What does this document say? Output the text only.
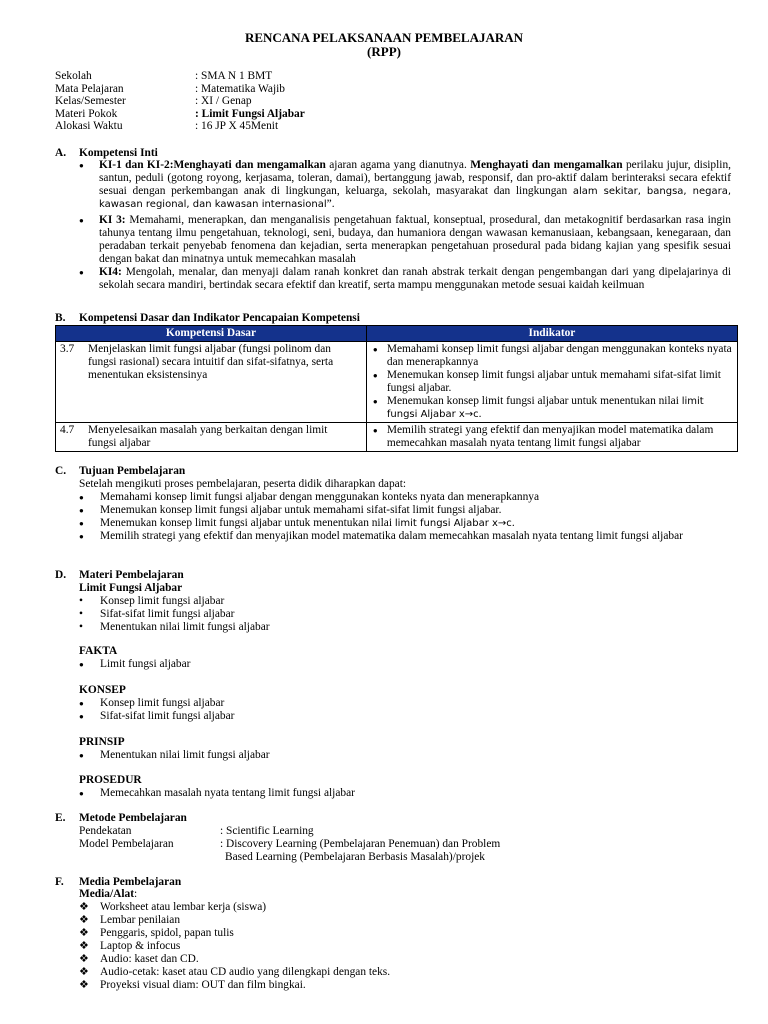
RENCANA PELAKSANAAN PEMBELAJARAN
(RPP)
Sekolah	: SMA N 1 BMT
Mata Pelajaran	: Matematika Wajib
Kelas/Semester	: XI / Genap
Materi Pokok	: Limit Fungsi Aljabar
Alokasi Waktu	: 16 JP X 45Menit
A. Kompetensi Inti
● KI-1 dan KI-2:Menghayati dan mengamalkan ajaran agama yang dianutnya. Menghayati dan mengamalkan perilaku jujur, disiplin, santun, peduli (gotong royong, kerjasama, toleran, damai), bertanggung jawab, responsif, dan pro-aktif dalam berinteraksi secara efektif sesuai dengan perkembangan anak di lingkungan, keluarga, sekolah, masyarakat dan lingkungan alam sekitar, bangsa, negara, kawasan regional, dan kawasan internasional”.
● KI 3: Memahami, menerapkan, dan menganalisis pengetahuan faktual, konseptual, prosedural, dan metakognitif berdasarkan rasa ingin tahunya tentang ilmu pengetahuan, teknologi, seni, budaya, dan humaniora dengan wawasan kemanusiaan, kebangsaan, kenegaraan, dan peradaban terkait penyebab fenomena dan kejadian, serta menerapkan pengetahuan prosedural pada bidang kajian yang spesifik sesuai dengan bakat dan minatnya untuk memecahkan masalah
● KI4: Mengolah, menalar, dan menyaji dalam ranah konkret dan ranah abstrak terkait dengan pengembangan dari yang dipelajarinya di sekolah secara mandiri, bertindak secara efektif dan kreatif, serta mampu menggunakan metode sesuai kaidah keilmuan
B. Kompetensi Dasar dan Indikator Pencapaian Kompetensi
Kompetensi Dasar	Indikator
3.7 Menjelaskan limit fungsi aljabar (fungsi polinom dan fungsi rasional) secara intuitif dan sifat-sifatnya, serta menentukan eksistensinya	● Memahami konsep limit fungsi aljabar dengan menggunakan konteks nyata dan menerapkannya
● Menemukan konsep limit fungsi aljabar untuk memahami sifat-sifat limit fungsi aljabar.
● Menemukan konsep limit fungsi aljabar untuk menentukan nilai limit fungsi Aljabar x→c.

4.7 Menyelesaikan masalah yang berkaitan dengan limit fungsi aljabar	● Memilih strategi yang efektif dan menyajikan model matematika dalam memecahkan masalah nyata tentang limit fungsi aljabar
C. Tujuan Pembelajaran
Setelah mengikuti proses pembelajaran, peserta didik diharapkan dapat:
● Memahami konsep limit fungsi aljabar dengan menggunakan konteks nyata dan menerapkannya
● Menemukan konsep limit fungsi aljabar untuk memahami sifat-sifat limit fungsi aljabar.
● Menemukan konsep limit fungsi aljabar untuk menentukan nilai limit fungsi Aljabar x→c.
● Memilih strategi yang efektif dan menyajikan model matematika dalam memecahkan masalah nyata tentang limit fungsi aljabar
D. Materi Pembelajaran
Limit Fungsi Aljabar
• Konsep limit fungsi aljabar
• Sifat-sifat limit fungsi aljabar
• Menentukan nilai limit fungsi aljabar
FAKTA
● Limit fungsi aljabar
KONSEP
● Konsep limit fungsi aljabar
● Sifat-sifat limit fungsi aljabar
PRINSIP
● Menentukan nilai limit fungsi aljabar
PROSEDUR
● Memecahkan masalah nyata tentang limit fungsi aljabar
E. Metode Pembelajaran
Pendekatan	: Scientific Learning
Model Pembelajaran	: Discovery Learning (Pembelajaran Penemuan) dan Problem
Based Learning (Pembelajaran Berbasis Masalah)/projek
F. Media Pembelajaran
Media/Alat:
❖ Worksheet atau lembar kerja (siswa)
❖ Lembar penilaian
❖ Penggaris, spidol, papan tulis
❖ Laptop & infocus
❖ Audio: kaset dan CD.
❖ Audio-cetak: kaset atau CD audio yang dilengkapi dengan teks.
❖ Proyeksi visual diam: OUT dan film bingkai.
